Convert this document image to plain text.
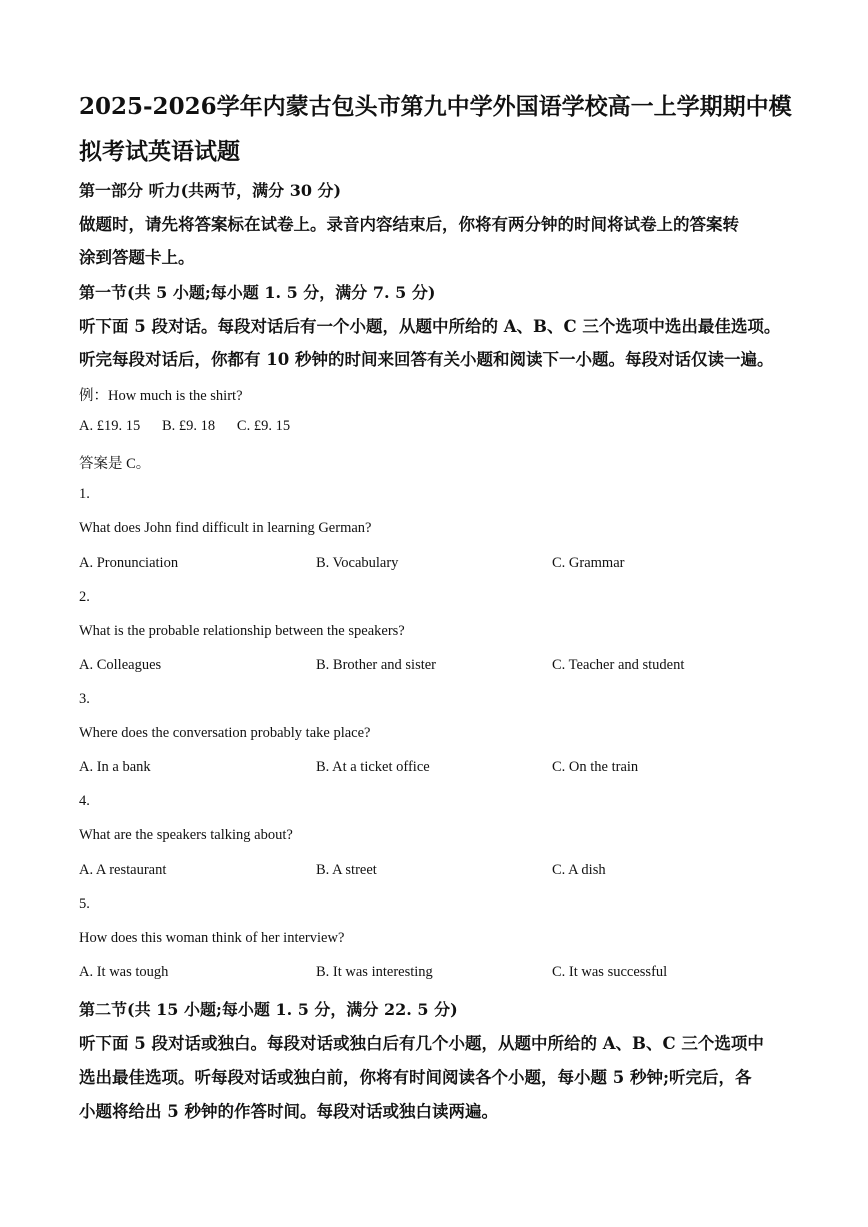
2025-2026学年内蒙古包头市第九中学外国语学校高一上学期期中模
拟考试英语试题
第一部分 听力(共两节，满分 30 分)
做题时，请先将答案标在试卷上。录音内容结束后，你将有两分钟的时间将试卷上的答案转
涂到答题卡上。
第一节(共 5 小题;每小题 1. 5 分，满分 7. 5 分)
听下面 5 段对话。每段对话后有一个小题，从题中所给的 A、B、C 三个选项中选出最佳选项。
听完每段对话后，你都有 10 秒钟的时间来回答有关小题和阅读下一小题。每段对话仅读一遍。
例：How much is the shirt?
A. £19. 15      B. £9. 18      C. £9. 15
答案是 C。
1.
What does John find difficult in learning German?
A. Pronunciation	B. Vocabulary	C. Grammar
2.
What is the probable relationship between the speakers?
A. Colleagues	B. Brother and sister	C. Teacher and student
3.
Where does the conversation probably take place?
A. In a bank	B. At a ticket office	C. On the train
4.
What are the speakers talking about?
A. A restaurant	B. A street	C. A dish
5.
How does this woman think of her interview?
A. It was tough	B. It was interesting	C. It was successful
第二节(共 15 小题;每小题 1. 5 分，满分 22. 5 分)
听下面 5 段对话或独白。每段对话或独白后有几个小题，从题中所给的 A、B、C 三个选项中
选出最佳选项。听每段对话或独白前，你将有时间阅读各个小题，每小题 5 秒钟;听完后，各
小题将给出 5 秒钟的作答时间。每段对话或独白读两遍。
